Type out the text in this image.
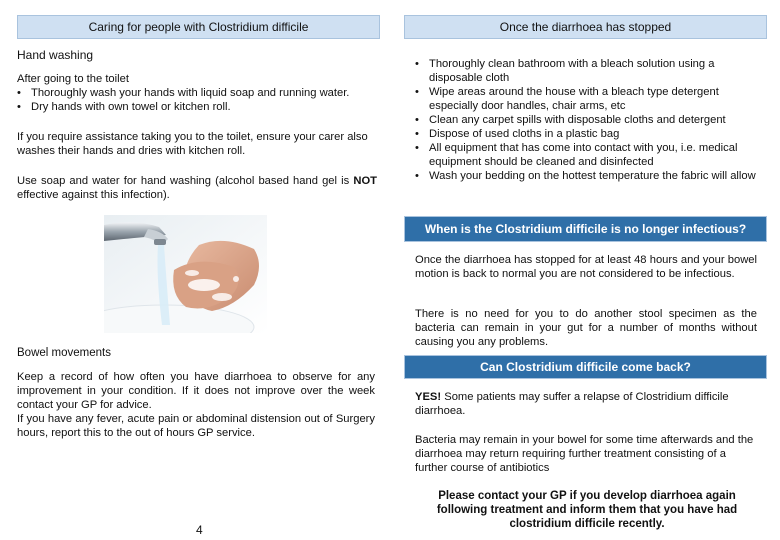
Caring for people with Clostridium difficile
Hand washing
After going to the toilet
• Thoroughly wash your hands with liquid soap and running water.
• Dry hands with own towel or kitchen roll.
If you require assistance taking you to the toilet, ensure your carer also washes their hands and dries with kitchen roll.
Use soap and water for hand washing (alcohol based hand gel is NOT effective against this infection).
Bowel movements
Keep a record of how often you have diarrhoea to observe for any improvement in your condition. If it does not improve over the week contact your GP for advice.
If you have any fever, acute pain or abdominal distension out of Surgery hours, report this to the out of hours GP service.
4
Once the diarrhoea has stopped
• Thoroughly clean bathroom with a bleach solution using a disposable cloth
• Wipe areas around the house with a bleach type detergent especially door handles, chair arms, etc
• Clean any carpet spills with disposable cloths and detergent
• Dispose of used cloths in a plastic bag
• All equipment that has come into contact with you, i.e. medical equipment should be cleaned and disinfected
• Wash your bedding on the hottest temperature the fabric will allow
When is the Clostridium difficile is no longer infectious?
Once the diarrhoea has stopped for at least 48 hours and your bowel motion is back to normal you are not considered to be infectious.
There is no need for you to do another stool specimen as the bacteria can remain in your gut for a number of months without causing you any problems.
Can Clostridium difficile come back?
YES! Some patients may suffer a relapse of Clostridium difficile diarrhoea.
Bacteria may remain in your bowel for some time afterwards and the diarrhoea may return requiring further treatment consisting of a further course of antibiotics
Please contact your GP if you develop diarrhoea again following treatment and inform them that you have had clostridium difficile recently.
